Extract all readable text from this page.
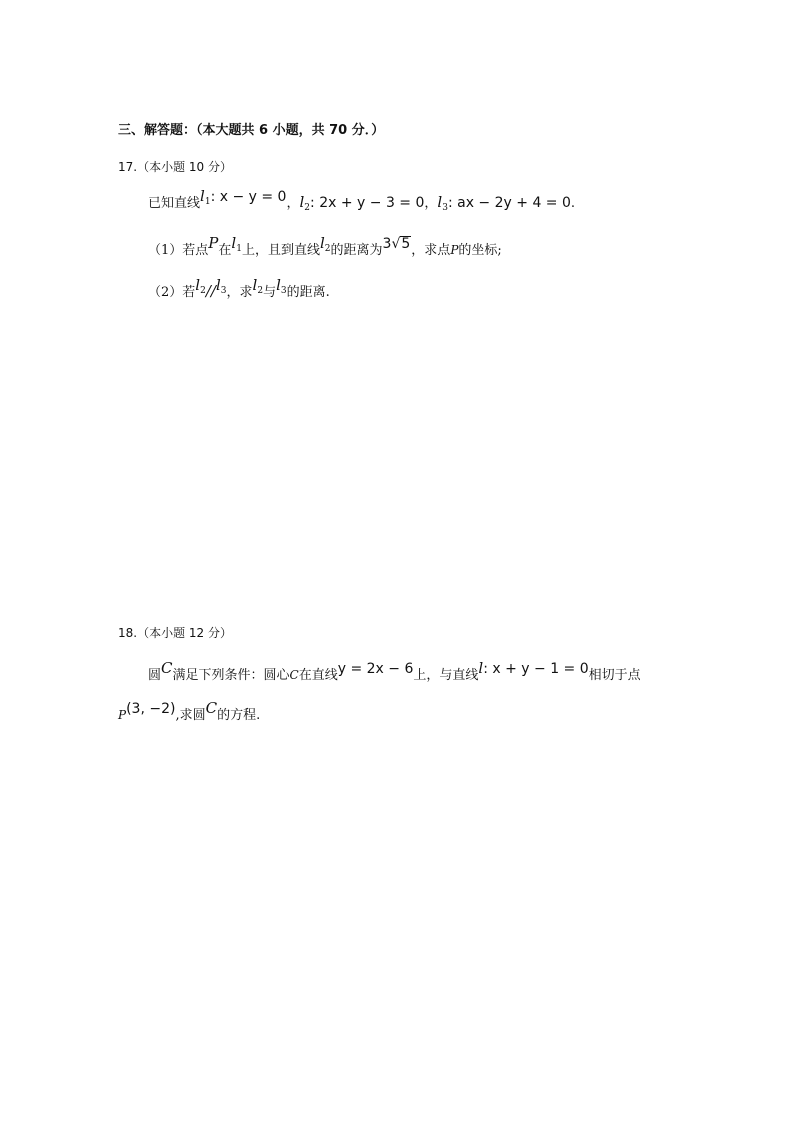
三、解答题：（本大题共 6 小题，共 70 分．）
17.（本小题 10 分）
已知直线$l_1$: x − y = 0，$l_2$: 2x + y − 3 = 0，$l_3$: ax − 2y + 4 = 0.
（1）若点P在$l_1$上，且到直线$l_2$的距离为3√5，求点P的坐标;
（2）若$l_2//l_3$，求$l_2$与$l_3$的距离.
18.（本小题 12 分）
圆C满足下列条件：圆心C在直线y = 2x − 6上，与直线l: x + y − 1 = 0相切于点
P(3, −2),求圆C的方程.
